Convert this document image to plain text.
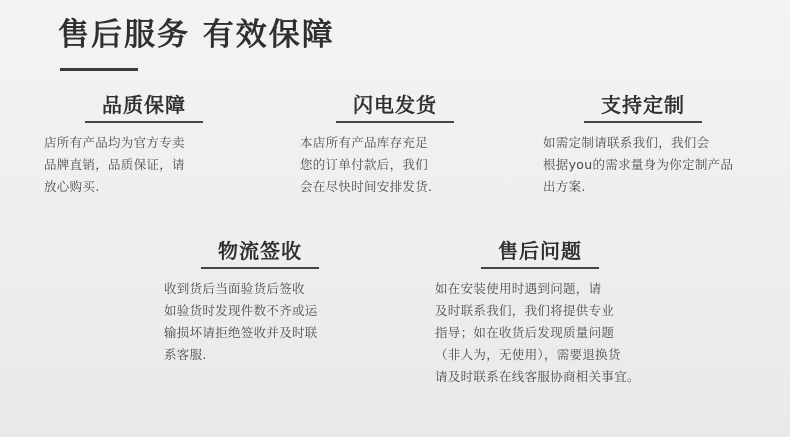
售后服务 有效保障
品质保障
店所有产品均为官方专卖
品牌直销，品质保证，请
放心购买.
闪电发货
本店所有产品库存充足
您的订单付款后，我们
会在尽快时间安排发货.
支持定制
如需定制请联系我们，我们会
根据you的需求量身为你定制产品
出方案.
物流签收
收到货后当面验货后签收
如验货时发现件数不齐或运
输损坏请拒绝签收并及时联
系客服.
售后问题
如在安装使用时遇到问题，请
及时联系我们，我们将提供专业
指导；如在收货后发现质量问题
（非人为，无使用），需要退换货
请及时联系在线客服协商相关事宜。
